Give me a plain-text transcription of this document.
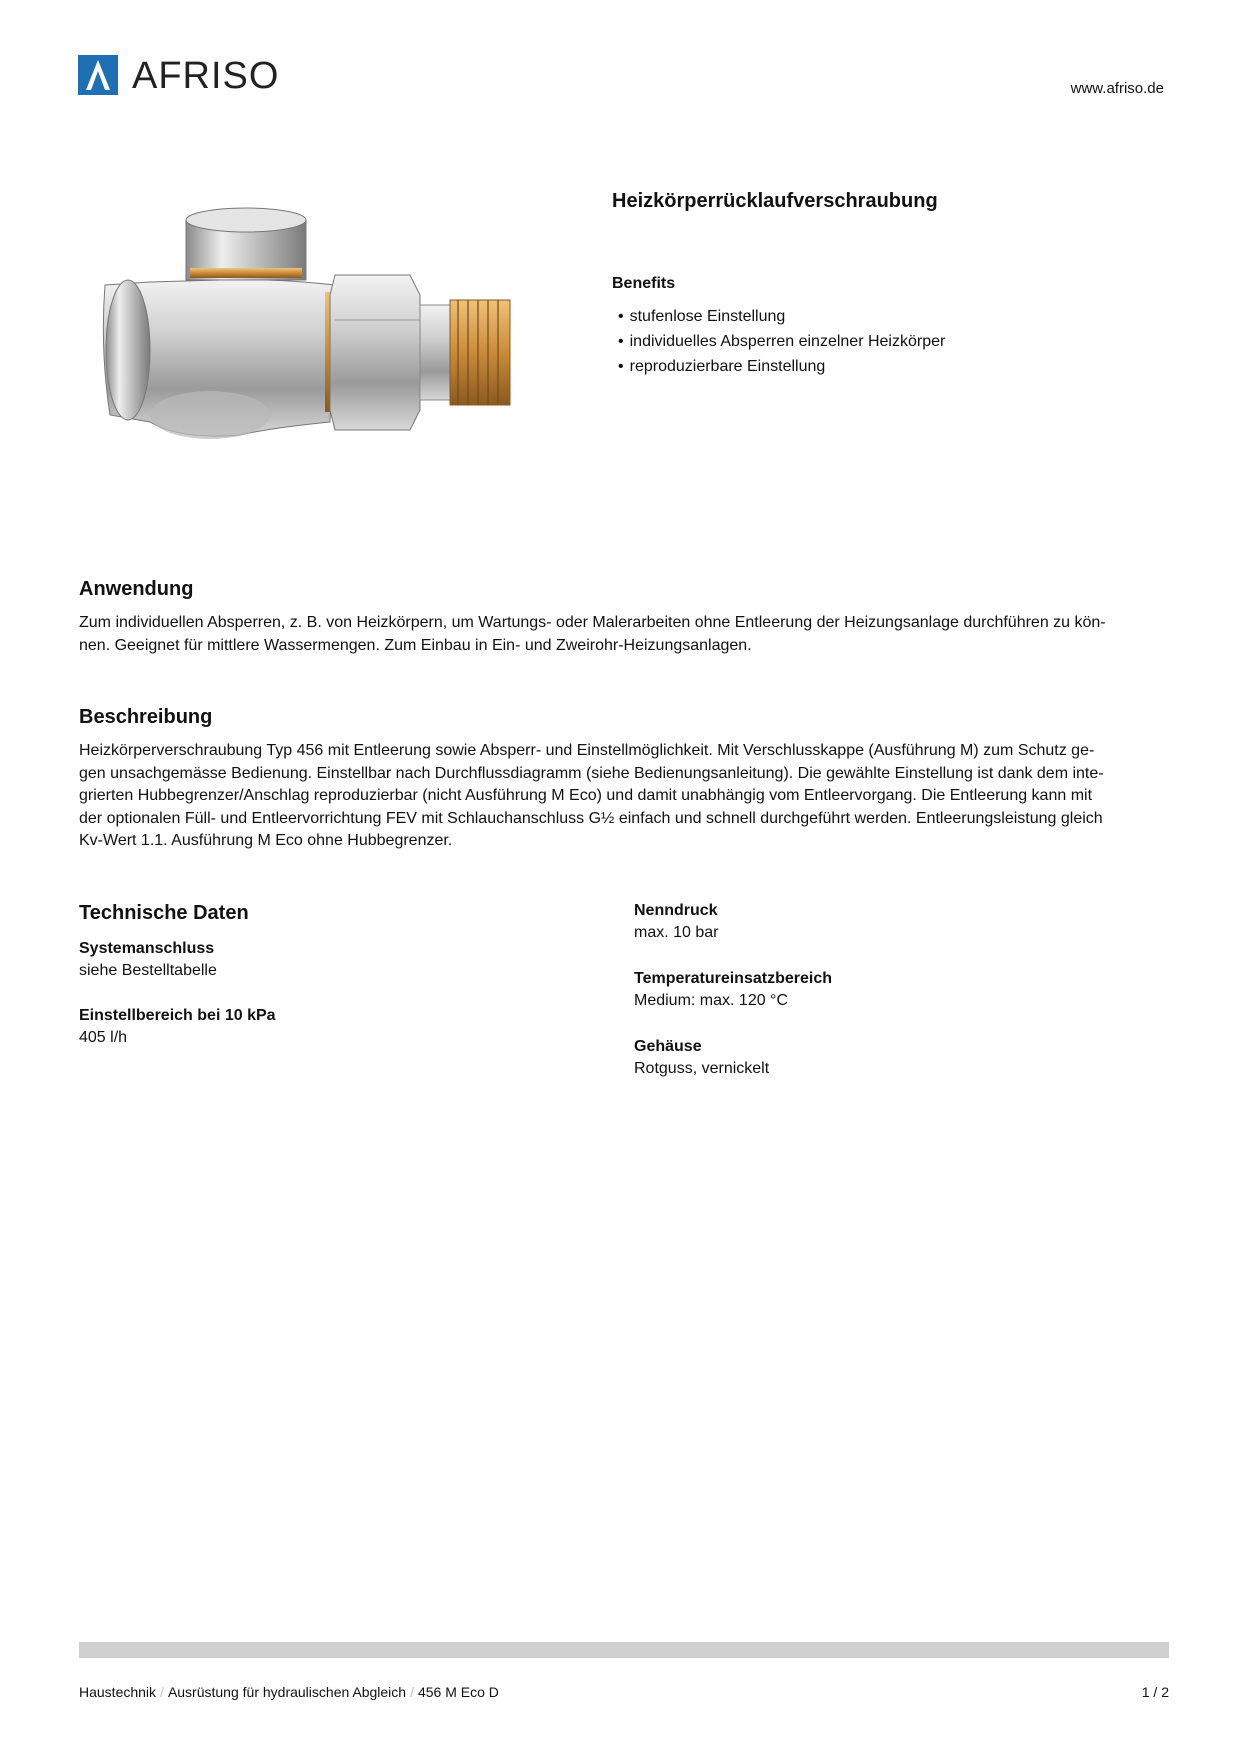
AFRISO	www.afriso.de
Heizkörperrücklaufverschraubung
Benefits
• stufenlose Einstellung
• individuelles Absperren einzelner Heizkörper
• reproduzierbare Einstellung
Anwendung
Zum individuellen Absperren, z. B. von Heizkörpern, um Wartungs- oder Malerarbeiten ohne Entleerung der Heizungsanlage durchführen zu kön-
nen. Geeignet für mittlere Wassermengen. Zum Einbau in Ein- und Zweirohr-Heizungsanlagen.
Beschreibung
Heizkörperverschraubung Typ 456 mit Entleerung sowie Absperr- und Einstellmöglichkeit. Mit Verschlusskappe (Ausführung M) zum Schutz ge-
gen unsachgemässe Bedienung. Einstellbar nach Durchflussdiagramm (siehe Bedienungsanleitung). Die gewählte Einstellung ist dank dem inte-
grierten Hubbegrenzer/Anschlag reproduzierbar (nicht Ausführung M Eco) und damit unabhängig vom Entleervorgang. Die Entleerung kann mit
der optionalen Füll- und Entleervorrichtung FEV mit Schlauchanschluss G½ einfach und schnell durchgeführt werden. Entleerungsleistung gleich
Kv-Wert 1.1. Ausführung M Eco ohne Hubbegrenzer.
Technische Daten
Systemanschluss
siehe Bestelltabelle
Einstellbereich bei 10 kPa
405 l/h
Nenndruck
max. 10 bar
Temperatureinsatzbereich
Medium: max. 120 °C
Gehäuse
Rotguss, vernickelt
Haustechnik / Ausrüstung für hydraulischen Abgleich / 456 M Eco D	1 / 2
